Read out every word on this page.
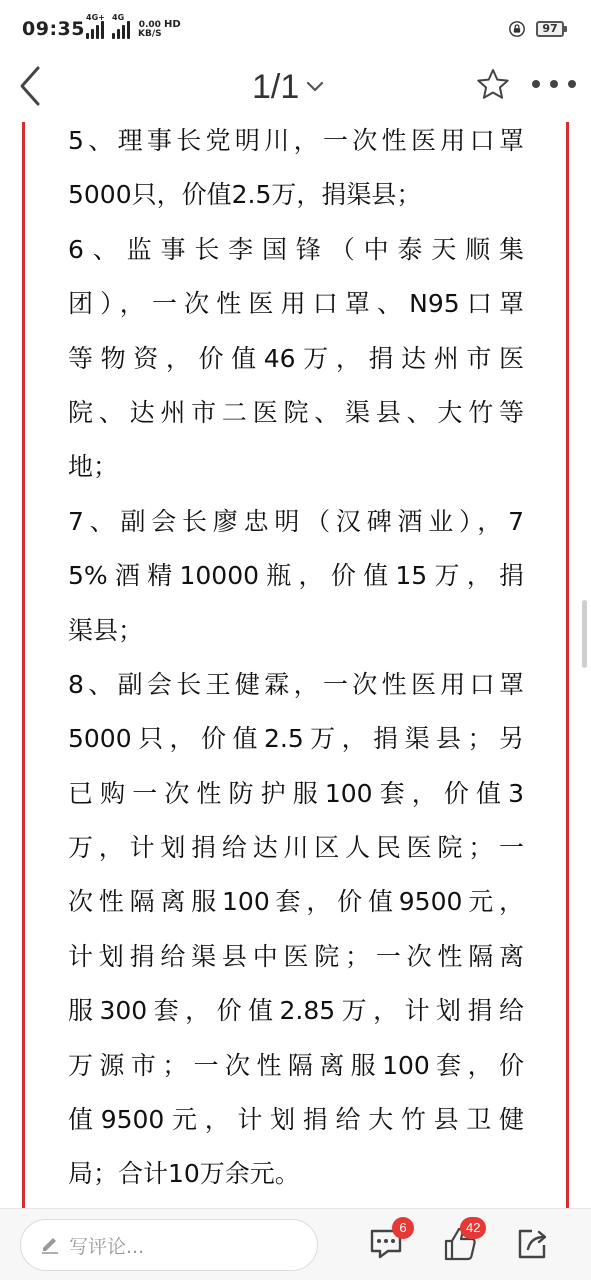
09:35
4G+ 4G
0.00
KB/S
HD	97
1/1
5、理事长党明川，一次性医用口罩
5000只，价值2.5万，捐渠县；
6、监事长李国锋（中泰天顺集
团），一次性医用口罩、N95口罩
等物资，价值46万，捐达州市医
院、达州市二医院、渠县、大竹等
地；
7、副会长廖忠明（汉碑酒业），7
5%酒精10000瓶，价值15万，捐
渠县；
8、副会长王健霖，一次性医用口罩
5000只，价值2.5万，捐渠县；另
已购一次性防护服100套，价值3
万，计划捐给达川区人民医院；一
次性隔离服100套，价值9500元，
计划捐给渠县中医院；一次性隔离
服300套，价值2.85万，计划捐给
万源市；一次性隔离服100套，价
值9500元，计划捐给大竹县卫健
局；合计10万余元。
写评论...
6	42
